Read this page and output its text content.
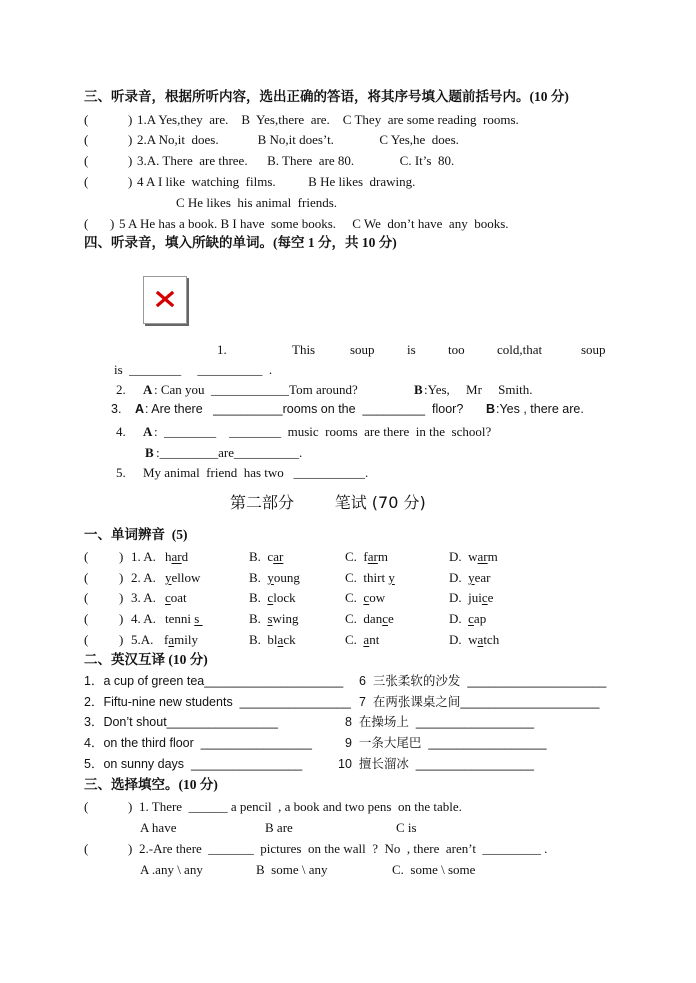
三、听录音，根据所听内容，选出正确的答语，将其序号填入题前括号内。(10 分)
(	) 1.A Yes,they  are.    B  Yes,there  are.    C They  are some reading  rooms.
(	) 2.A No,it  does.            B No,it does’t.              C Yes,he  does.
(	) 3.A. There  are three.      B. There  are 80.              C. It’s  80.
(	) 4 A I like  watching  films.          B He likes  drawing.
C He likes  his animal  friends.
( ) 5 A He has a book. B I have  some books.     C We  don’t have  any  books.
四、听录音，填入所缺的单词。(每空 1 分，共 10 分)
1.	This	soup is too cold,that	soup
is  ________     __________  .
2. A : Can you  ____________Tom around?	B :Yes,     Mr     Smith.
3. A : Are there   __________rooms on the  _________  floor? B :Yes , there are.
4. A :  ________    ________  music  rooms  are there  in the  school?
B :_________are__________.
5. My animal  friend  has two   ___________.
第二部分        笔试 (70 分)
一、单词辨音  (5)
( ) 1. A. hard	B.  car	C.  farm	D.  warm
( ) 2. A. yellow	B.  young	C.  thirt y	D.  year
( ) 3. A. coat	B.  clock	C.  cow	D.  juice
( ) 4. A. tenni s	B.  swing	C.  dance	D.  cap
( ) 5.A. family	B.  black	C.  ant	D.  watch
二、英汉互译 (10 分)
1．a cup of green tea____________________
2．Fiftu-nine new students  ________________
3．Don’t shout________________
4．on the third floor  ________________
5．on sunny days  ________________
6  三张柔软的沙发  ____________________
7  在两张课桌之间____________________
8  在操场上  _________________
9  一条大尾巴  _________________
10  擅长溜冰  _________________
三、选择填空。(10 分)
(	) 1. There  ______ a pencil  , a book and two pens  on the table.
A have	B are	C is
(	) 2.-Are there  _______  pictures  on the wall  ?  No  , there  aren’t  _________ .
A .any \ any	B  some \ any	C.  some \ some
